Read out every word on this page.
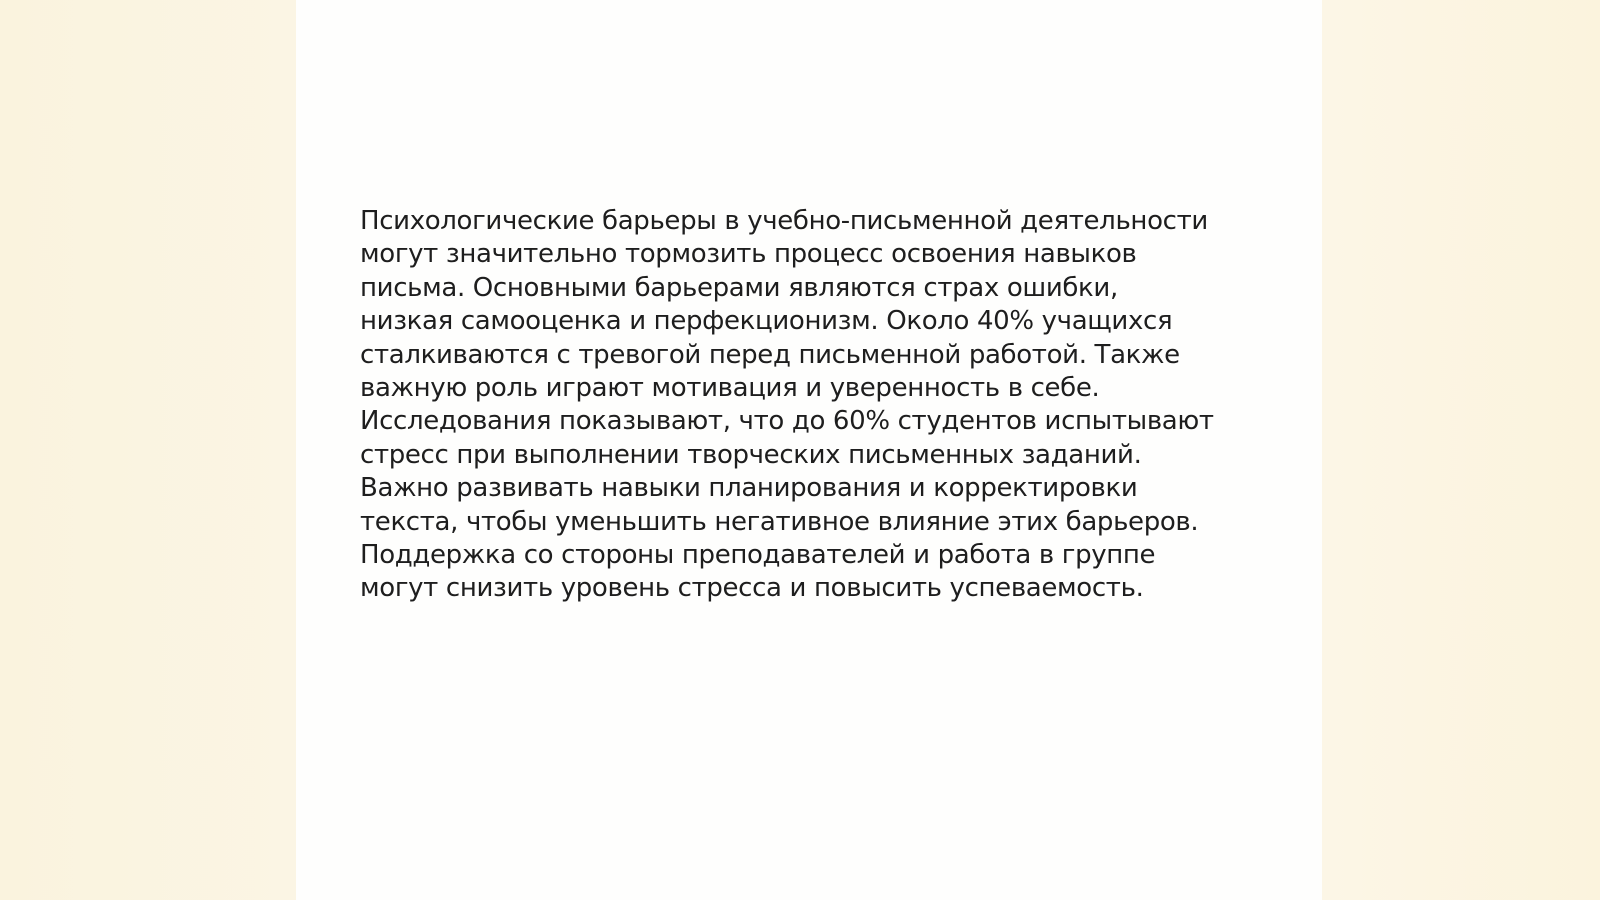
Психологические барьеры в учебно-письменной деятельности
могут значительно тормозить процесс освоения навыков
письма. Основными барьерами являются страх ошибки,
низкая самооценка и перфекционизм. Около 40% учащихся
сталкиваются с тревогой перед письменной работой. Также
важную роль играют мотивация и уверенность в себе.
Исследования показывают, что до 60% студентов испытывают
стресс при выполнении творческих письменных заданий.
Важно развивать навыки планирования и корректировки
текста, чтобы уменьшить негативное влияние этих барьеров.
Поддержка со стороны преподавателей и работа в группе
могут снизить уровень стресса и повысить успеваемость.
